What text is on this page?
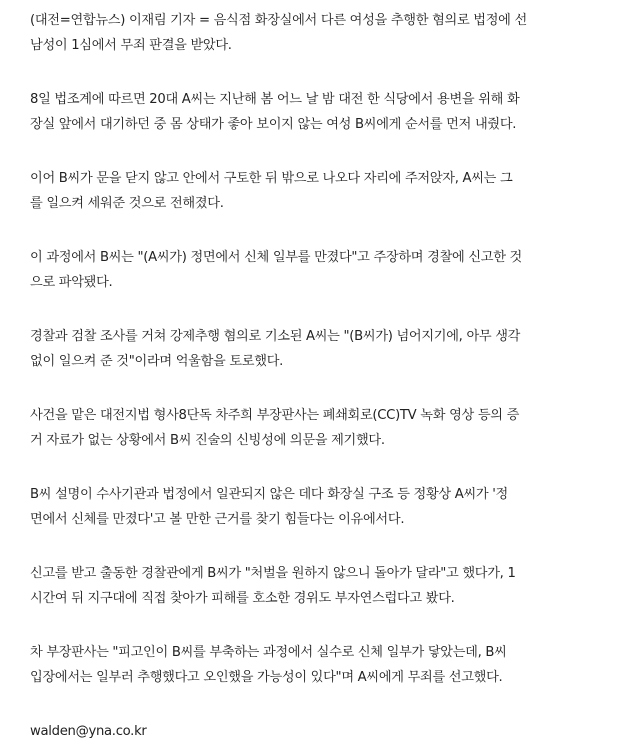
(대전=연합뉴스) 이재림 기자 = 음식점 화장실에서 다른 여성을 추행한 혐의로 법정에 선
남성이 1심에서 무죄 판결을 받았다.

8일 법조계에 따르면 20대 A씨는 지난해 봄 어느 날 밤 대전 한 식당에서 용변을 위해 화
장실 앞에서 대기하던 중 몸 상태가 좋아 보이지 않는 여성 B씨에게 순서를 먼저 내줬다.

이어 B씨가 문을 닫지 않고 안에서 구토한 뒤 밖으로 나오다 자리에 주저앉자, A씨는 그
를 일으켜 세워준 것으로 전해졌다.

이 과정에서 B씨는 "(A씨가) 정면에서 신체 일부를 만졌다"고 주장하며 경찰에 신고한 것
으로 파악됐다.

경찰과 검찰 조사를 거쳐 강제추행 혐의로 기소된 A씨는 "(B씨가) 넘어지기에, 아무 생각
없이 일으켜 준 것"이라며 억울함을 토로했다.

사건을 맡은 대전지법 형사8단독 차주희 부장판사는 폐쇄회로(CC)TV 녹화 영상 등의 증
거 자료가 없는 상황에서 B씨 진술의 신빙성에 의문을 제기했다.

B씨 설명이 수사기관과 법정에서 일관되지 않은 데다 화장실 구조 등 정황상 A씨가 '정
면에서 신체를 만졌다'고 볼 만한 근거를 찾기 힘들다는 이유에서다.

신고를 받고 출동한 경찰관에게 B씨가 "처벌을 원하지 않으니 돌아가 달라"고 했다가, 1
시간여 뒤 지구대에 직접 찾아가 피해를 호소한 경위도 부자연스럽다고 봤다.

차 부장판사는 "피고인이 B씨를 부축하는 과정에서 실수로 신체 일부가 닿았는데, B씨
입장에서는 일부러 추행했다고 오인했을 가능성이 있다"며 A씨에게 무죄를 선고했다.

walden@yna.co.kr
